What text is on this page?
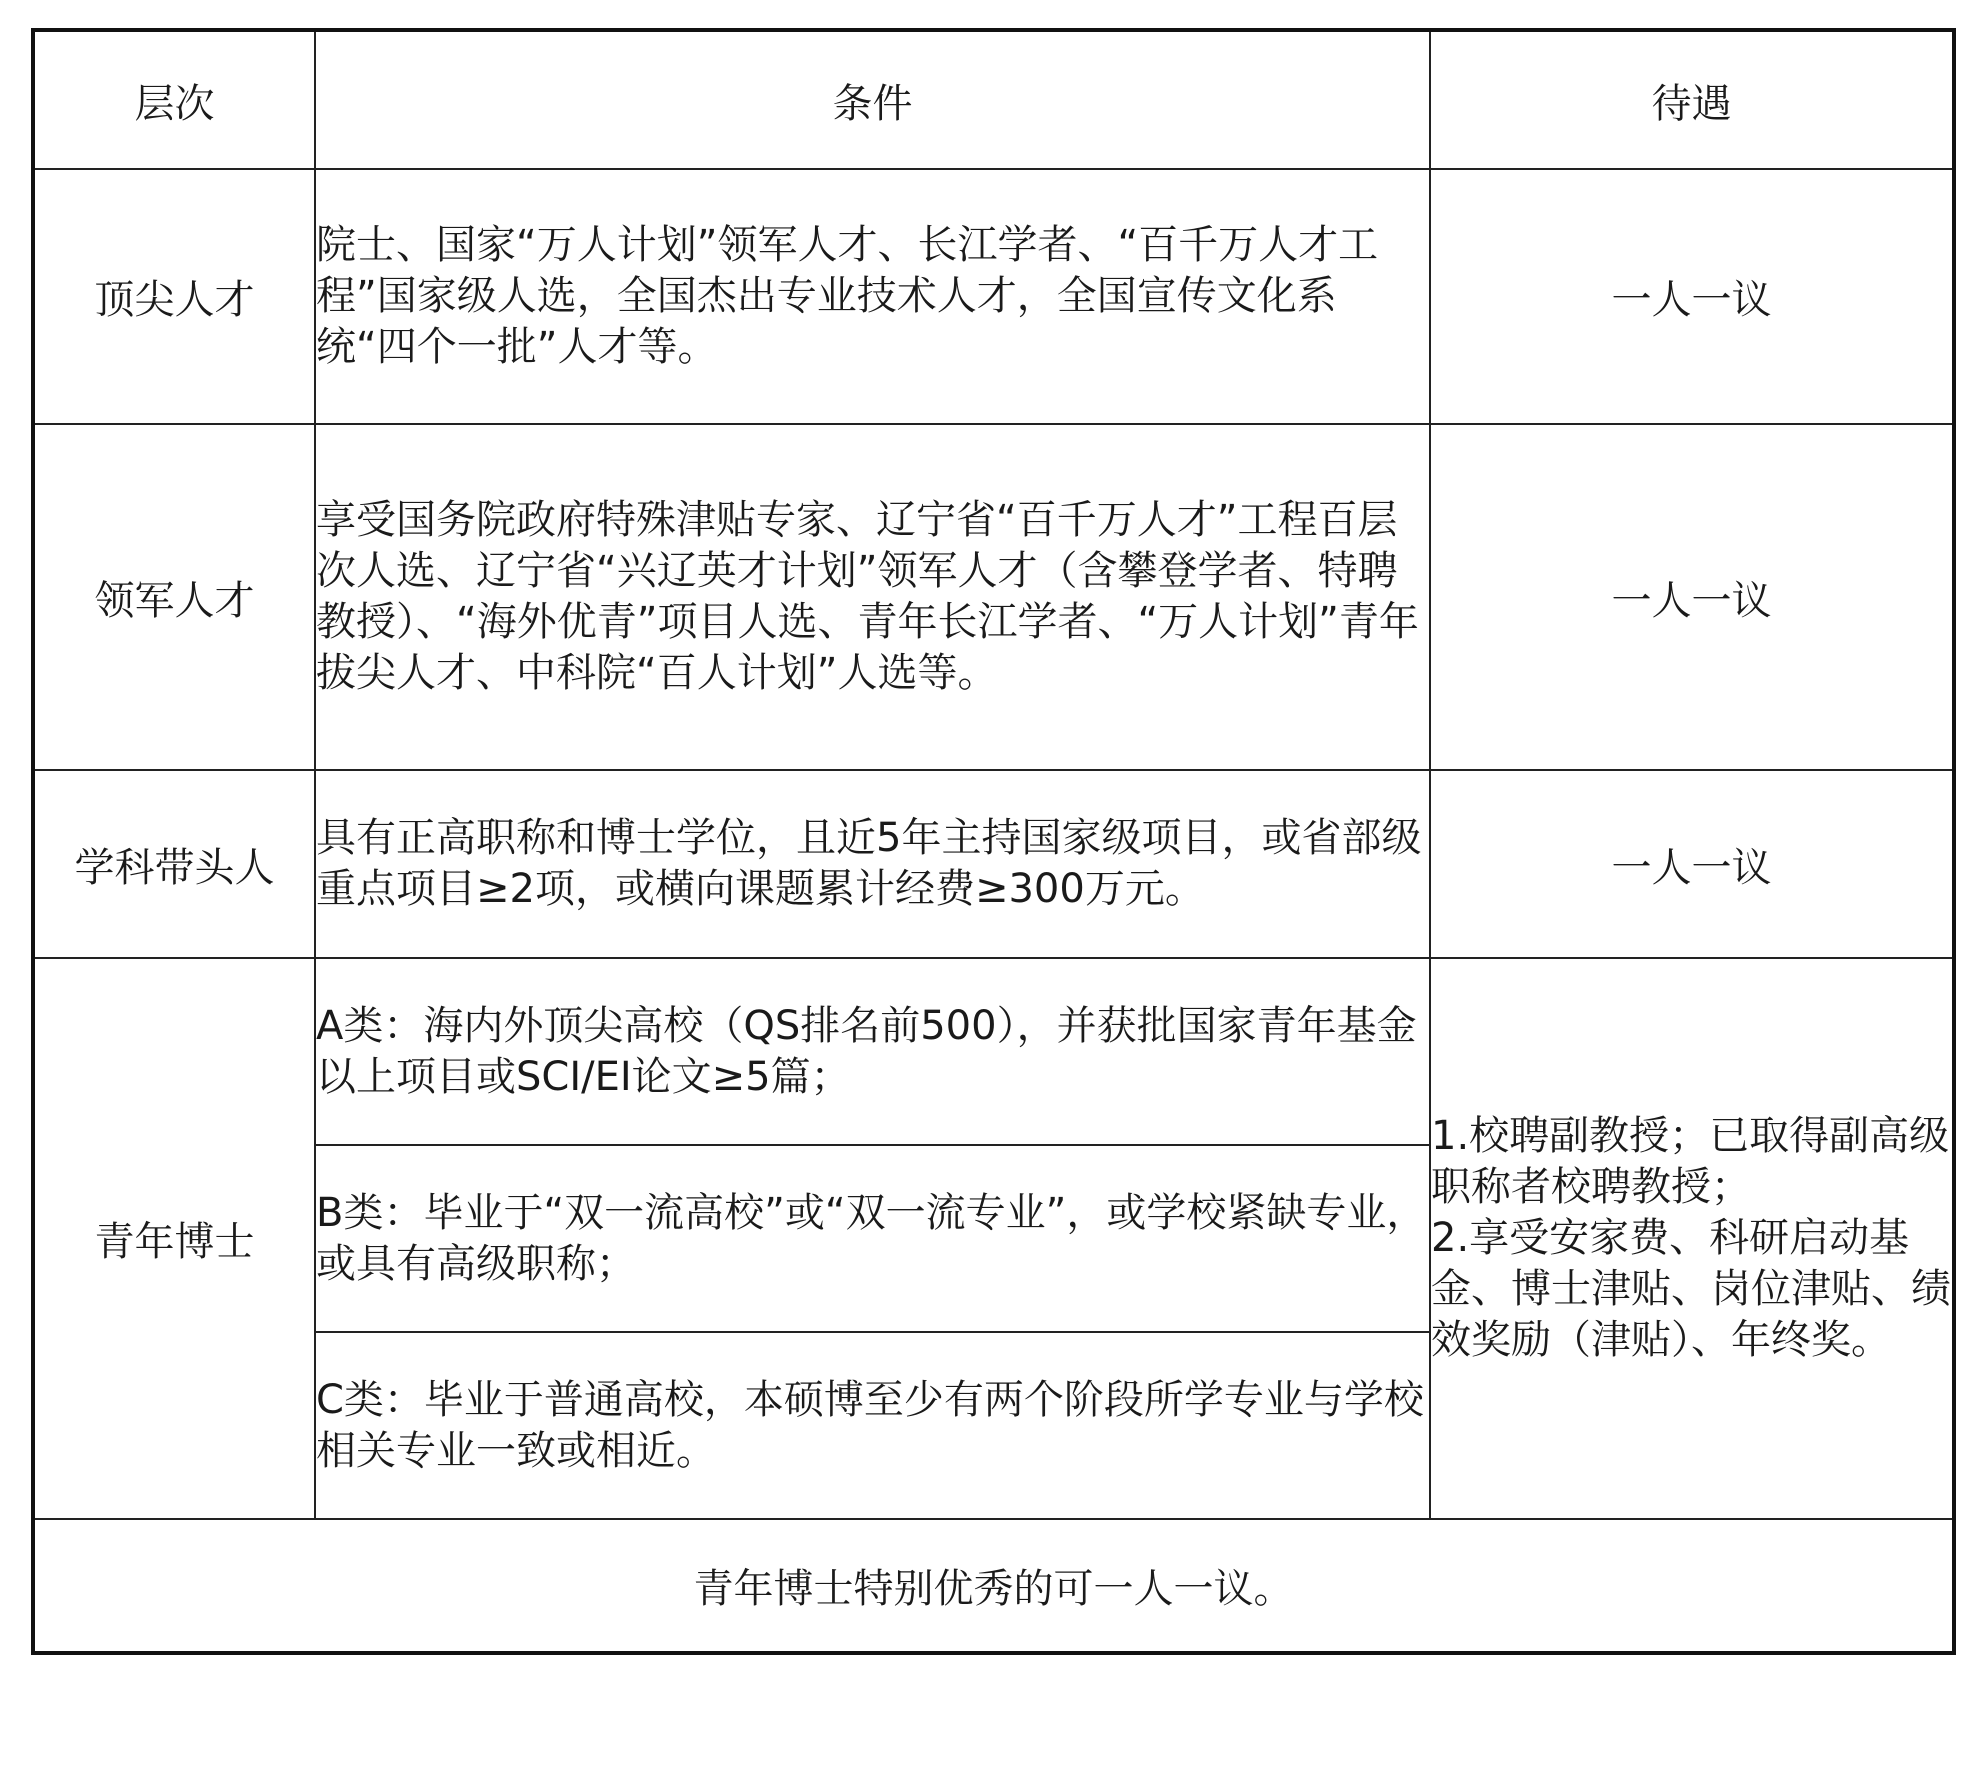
层次	条件	待遇
顶尖人才	院士、国家“万人计划”领军人才、长江学者、“百千万人才工程”国家级人选，全国杰出专业技术人才，全国宣传文化系统“四个一批”人才等。	一人一议
领军人才	享受国务院政府特殊津贴专家、辽宁省“百千万人才”工程百层次人选、辽宁省“兴辽英才计划”领军人才（含攀登学者、特聘教授）、“海外优青”项目人选、青年长江学者、“万人计划”青年拔尖人才、中科院“百人计划”人选等。	一人一议
学科带头人	具有正高职称和博士学位，且近5年主持国家级项目，或省部级重点项目≥2项，或横向课题累计经费≥300万元。	一人一议
青年博士	A类：海内外顶尖高校（QS排名前500），并获批国家青年基金以上项目或SCI/EI论文≥5篇；	1.校聘副教授；已取得副高级职称者校聘教授；
2.享受安家费、科研启动基金、博士津贴、岗位津贴、绩效奖励（津贴）、年终奖。

	B类：毕业于“双一流高校”或“双一流专业”，或学校紧缺专业，或具有高级职称；	
	C类：毕业于普通高校，本硕博至少有两个阶段所学专业与学校相关专业一致或相近。	
青年博士特别优秀的可一人一议。		
